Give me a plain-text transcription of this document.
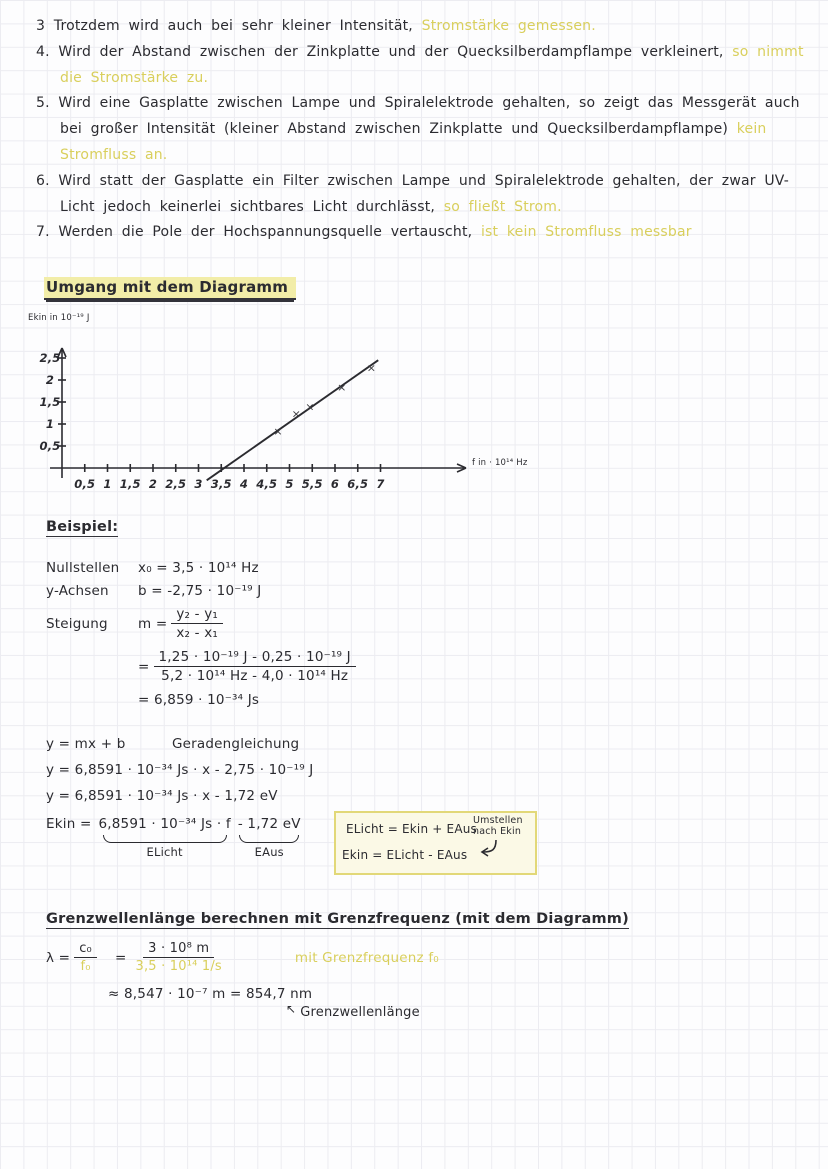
3 Trotzdem wird auch bei sehr kleiner Intensität, Stromstärke gemessen.
4. Wird der Abstand zwischen der Zinkplatte und der Quecksilberdampflampe verkleinert, so nimmt die Stromstärke zu.
5. Wird eine Gasplatte zwischen Lampe und Spiralelektrode gehalten, so zeigt das Messgerät auch bei großer Intensität (kleiner Abstand zwischen Zinkplatte und Quecksilberdampflampe) kein Stromfluss an.
6. Wird statt der Gasplatte ein Filter zwischen Lampe und Spiralelektrode gehalten, der zwar UV-Licht jedoch keinerlei sichtbares Licht durchlässt, so fließt Strom.
7. Werden die Pole der Hochspannungsquelle vertauscht, ist kein Stromfluss messbar
Umgang mit dem Diagramm
0,5 1 1,5 2 2,5 3 3,5 4 4,5 5 5,5 6 6,5 7
0,5
1
1,5
2
2,5
×
×
×
×
×
Ekin in 10⁻¹⁹ J
f in · 10¹⁴ Hz
Beispiel:
Nullstellen	x₀ = 3,5 · 10¹⁴ Hz
y-Achsen	b = -2,75 · 10⁻¹⁹ J
Steigung	$m = \frac{\text{y₂ - y₁}}{\text{x₂ - x₁}}$
= $\frac{\text{1,25 · 10⁻¹⁹ J - 0,25 · 10⁻¹⁹ J}}{\text{5,2 · 10¹⁴ Hz - 4,0 · 10¹⁴ Hz}}$
= 6,859 · 10⁻³⁴ Js
y = mx + b	Geradengleichung
y = 6,8591 · 10⁻³⁴ Js · x - 2,75 · 10⁻¹⁹ J
y = 6,8591 · 10⁻³⁴ Js · x - 1,72 eV
Ekin = 6,8591 · 10⁻³⁴ Js · f
ELicht
- 1,72 eV
EAus
ELicht = Ekin + EAus
Ekin = ELicht - EAus
Umstellen nach Ekin
Grenzwellenlänge berechnen mit Grenzfrequenz (mit dem Diagramm)
$\lambda = \frac{\text{c₀}}{\text{f₀}} = \frac{\text{3 · 10⁸ m}}{\text{3,5 · 10¹⁴ 1/s}}$	mit Grenzfrequenz f₀
≈ 8,547 · 10⁻⁷ m = 854,7 nm
↖ Grenzwellenlänge
